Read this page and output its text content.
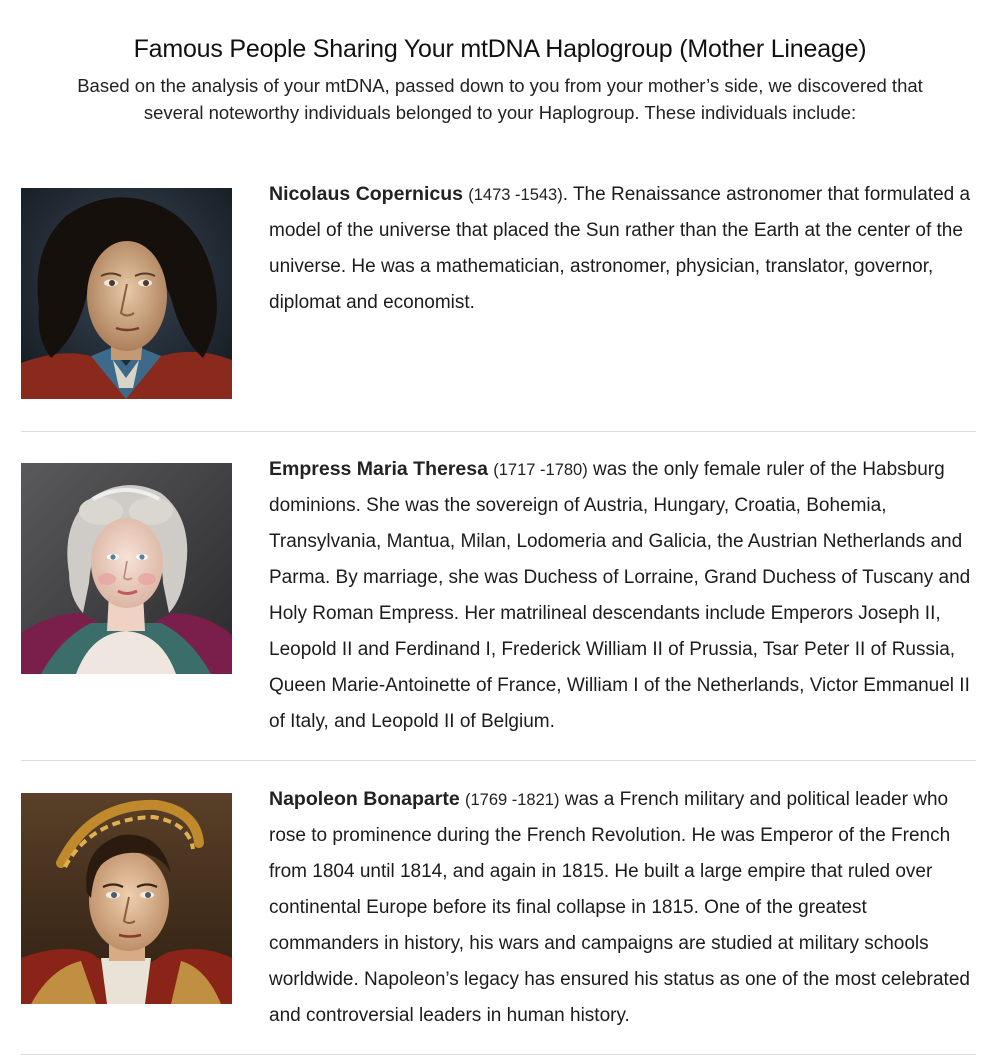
Famous People Sharing Your mtDNA Haplogroup (Mother Lineage)

Based on the analysis of your mtDNA, passed down to you from your mother’s side, we discovered that several noteworthy individuals belonged to your Haplogroup. These individuals include:

Nicolaus Copernicus (1473 -1543). The Renaissance astronomer that formulated a model of the universe that placed the Sun rather than the Earth at the center of the universe. He was a mathematician, astronomer, physician, translator, governor, diplomat and economist.
Empress Maria Theresa (1717 -1780) was the only female ruler of the Habsburg dominions. She was the sovereign of Austria, Hungary, Croatia, Bohemia, Transylvania, Mantua, Milan, Lodomeria and Galicia, the Austrian Netherlands and Parma. By marriage, she was Duchess of Lorraine, Grand Duchess of Tuscany and Holy Roman Empress. Her matrilineal descendants include Emperors Joseph II, Leopold II and Ferdinand I, Frederick William II of Prussia, Tsar Peter II of Russia, Queen Marie-Antoinette of France, William I of the Netherlands, Victor Emmanuel II of Italy, and Leopold II of Belgium.
Napoleon Bonaparte (1769 -1821) was a French military and political leader who rose to prominence during the French Revolution. He was Emperor of the French from 1804 until 1814, and again in 1815. He built a large empire that ruled over continental Europe before its final collapse in 1815. One of the greatest commanders in history, his wars and campaigns are studied at military schools worldwide. Napoleon’s legacy has ensured his status as one of the most celebrated and controversial leaders in human history.
